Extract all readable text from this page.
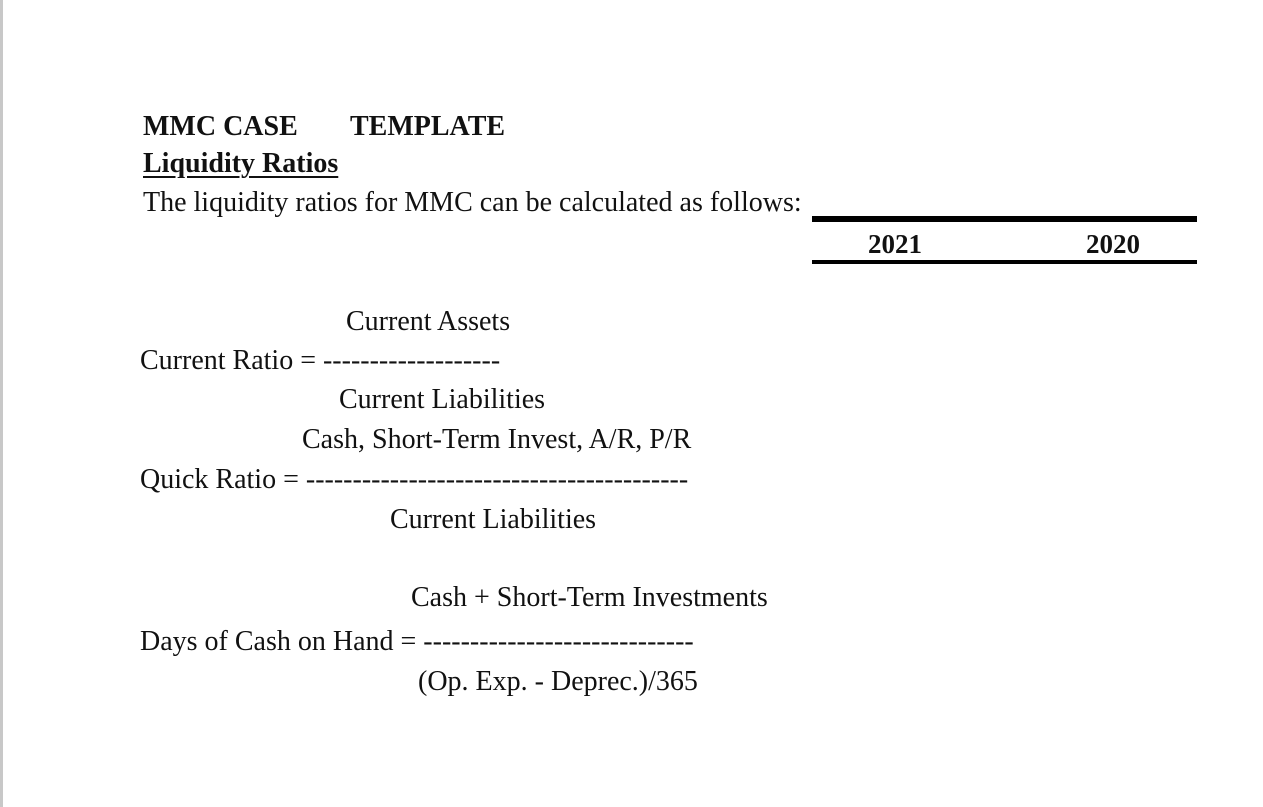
MMC CASE TEMPLATE
Liquidity Ratios
The liquidity ratios for MMC can be calculated as follows:
2021	2020
Current Assets
Current Ratio = -------------------
Current Liabilities
Cash, Short-Term Invest, A/R, P/R
Quick Ratio = -----------------------------------------
Current Liabilities
Cash + Short-Term Investments
Days of Cash on Hand = -----------------------------
(Op. Exp. - Deprec.)/365
